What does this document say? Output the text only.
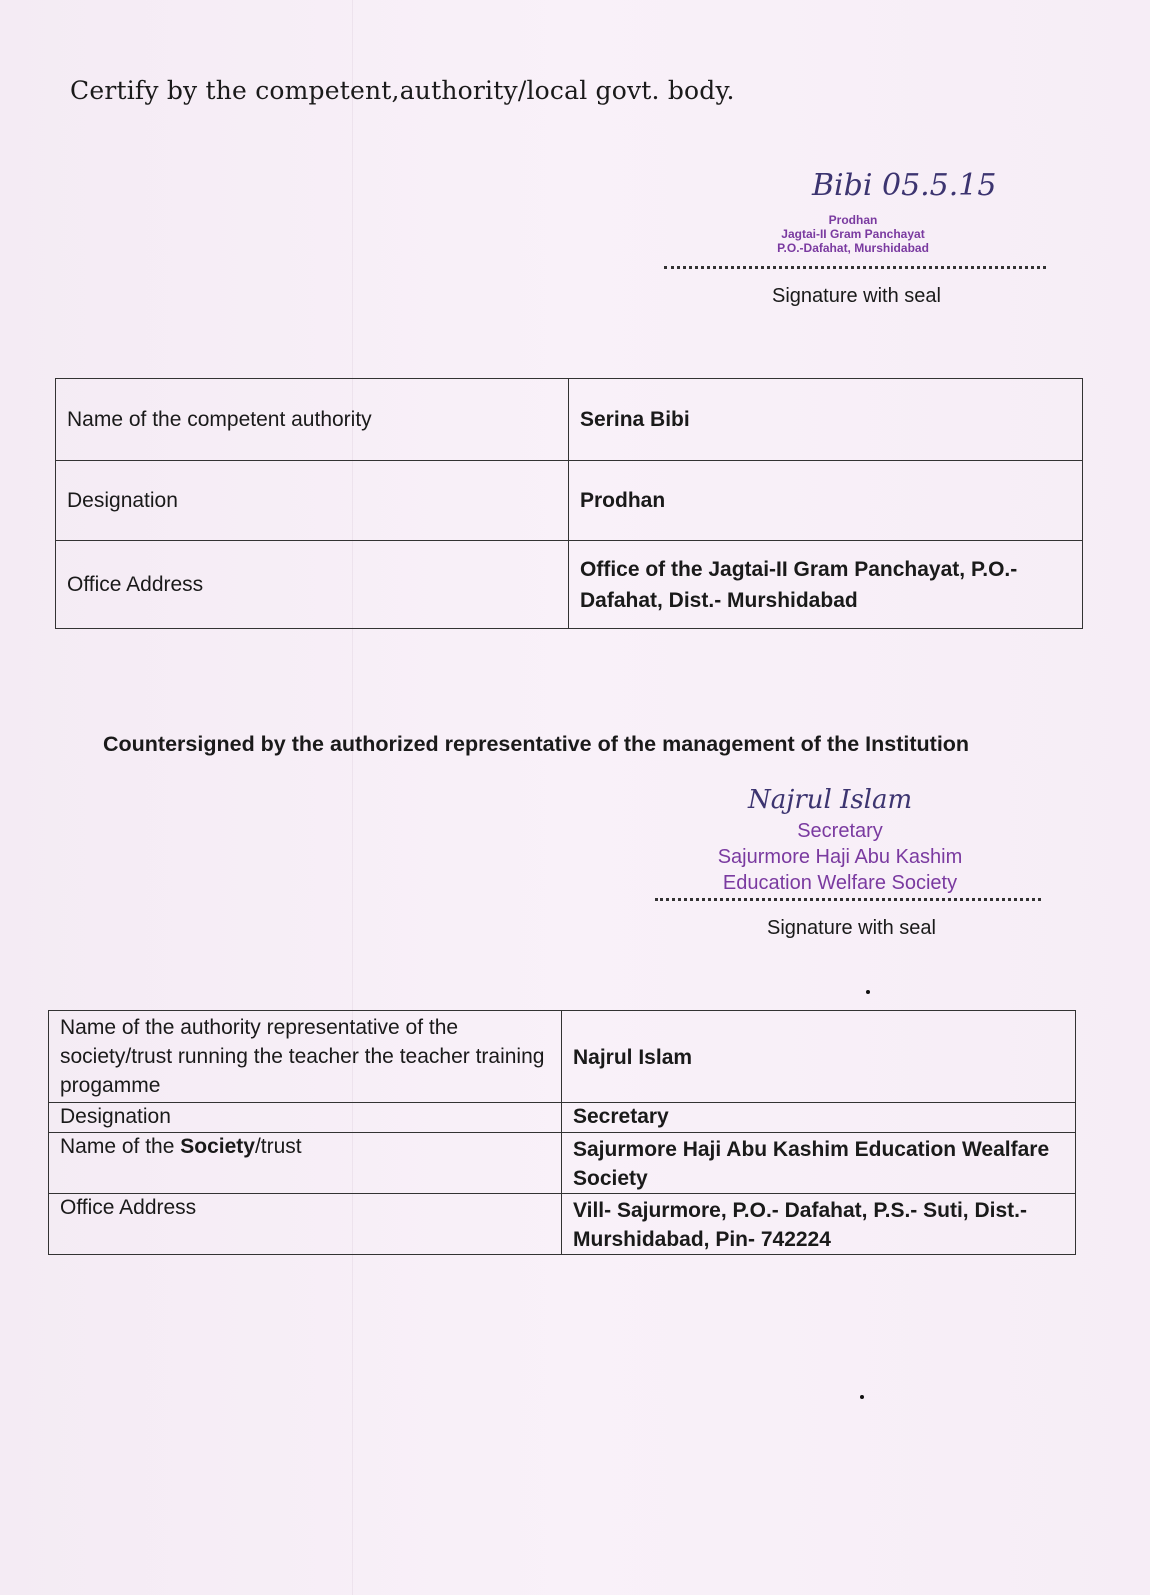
Certify by the competent,authority/local govt. body.
Bibi 05.5.15
Prodhan
Jagtai-II Gram Panchayat
P.O.-Dafahat, Murshidabad
Signature with seal
Name of the competent authority	Serina Bibi
Designation	Prodhan
Office Address	Office of the Jagtai-II Gram Panchayat, P.O.- Dafahat, Dist.- Murshidabad
Countersigned by the authorized representative of the management of the Institution
Najrul Islam
Secretary
Sajurmore Haji Abu Kashim
Education Welfare Society
Signature with seal
Name of the authority representative of the society/trust running the teacher the teacher training progamme	Najrul Islam
Designation	Secretary
Name of the Society/trust	Sajurmore Haji Abu Kashim Education Wealfare Society
Office Address	Vill- Sajurmore, P.O.- Dafahat, P.S.- Suti, Dist.- Murshidabad, Pin- 742224
